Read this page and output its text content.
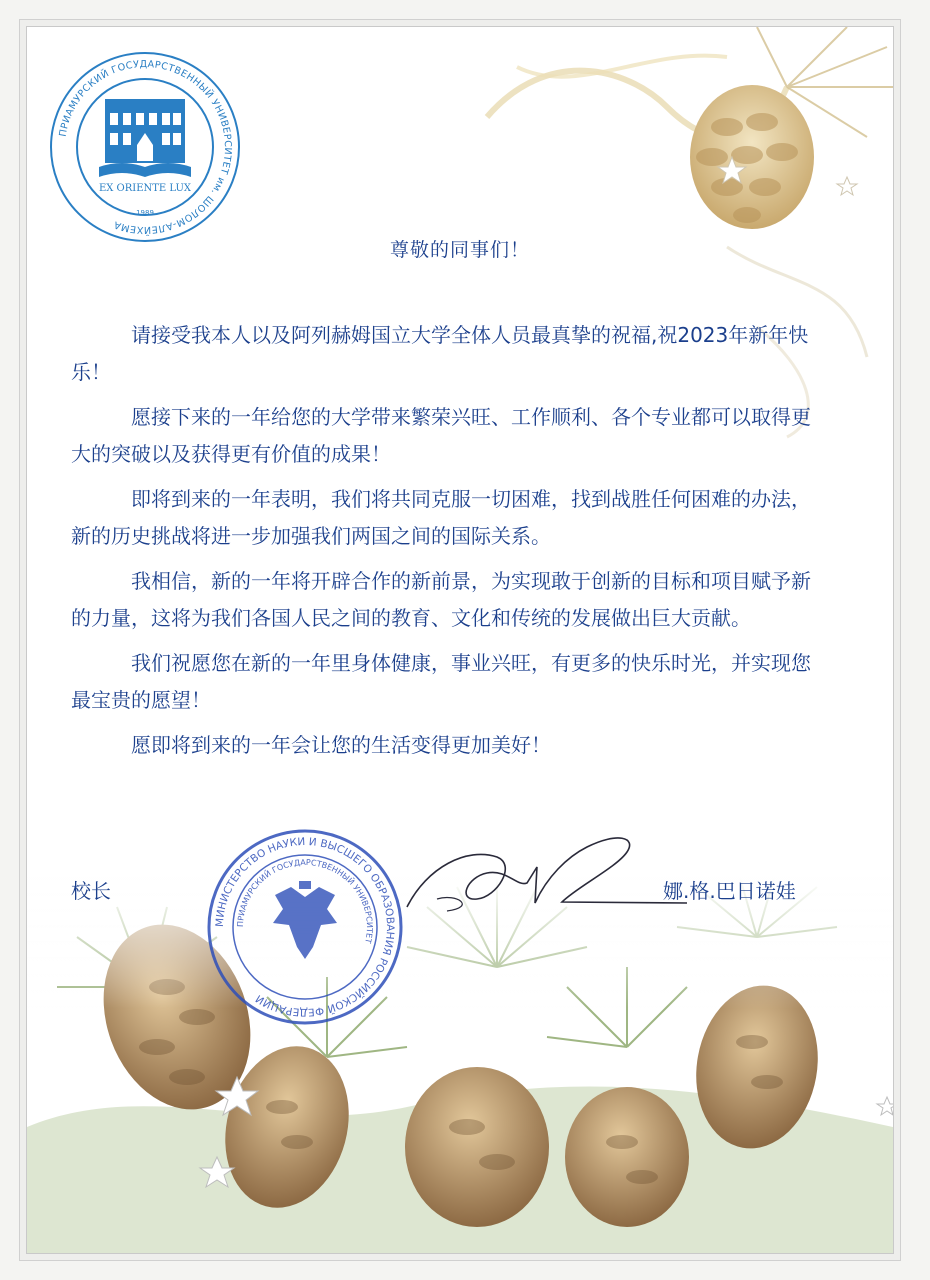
ПРИАМУРСКИЙ ГОСУДАРСТВЕННЫЙ УНИВЕРСИТЕТ им. ШОЛОМ-АЛЕЙХЕМА
EX ORIENTE LUX
1989
尊敬的同事们！

请接受我本人以及阿列赫姆国立大学全体人员最真挚的祝福,祝2023年新年快乐！

愿接下来的一年给您的大学带来繁荣兴旺、工作顺利、各个专业都可以取得更大的突破以及获得更有价值的成果！

即将到来的一年表明，我们将共同克服一切困难，找到战胜任何困难的办法，新的历史挑战将进一步加强我们两国之间的国际关系。

我相信，新的一年将开辟合作的新前景，为实现敢于创新的目标和项目赋予新的力量，这将为我们各国人民之间的教育、文化和传统的发展做出巨大贡献。

我们祝愿您在新的一年里身体健康，事业兴旺，有更多的快乐时光，并实现您最宝贵的愿望！

愿即将到来的一年会让您的生活变得更加美好！

МИНИСТЕРСТВО НАУКИ И ВЫСШЕГО ОБРАЗОВАНИЯ РОССИЙСКОЙ ФЕДЕРАЦИИ
ПРИАМУРСКИЙ ГОСУДАРСТВЕННЫЙ УНИВЕРСИТЕТ
校长	娜.格.巴日诺娃
